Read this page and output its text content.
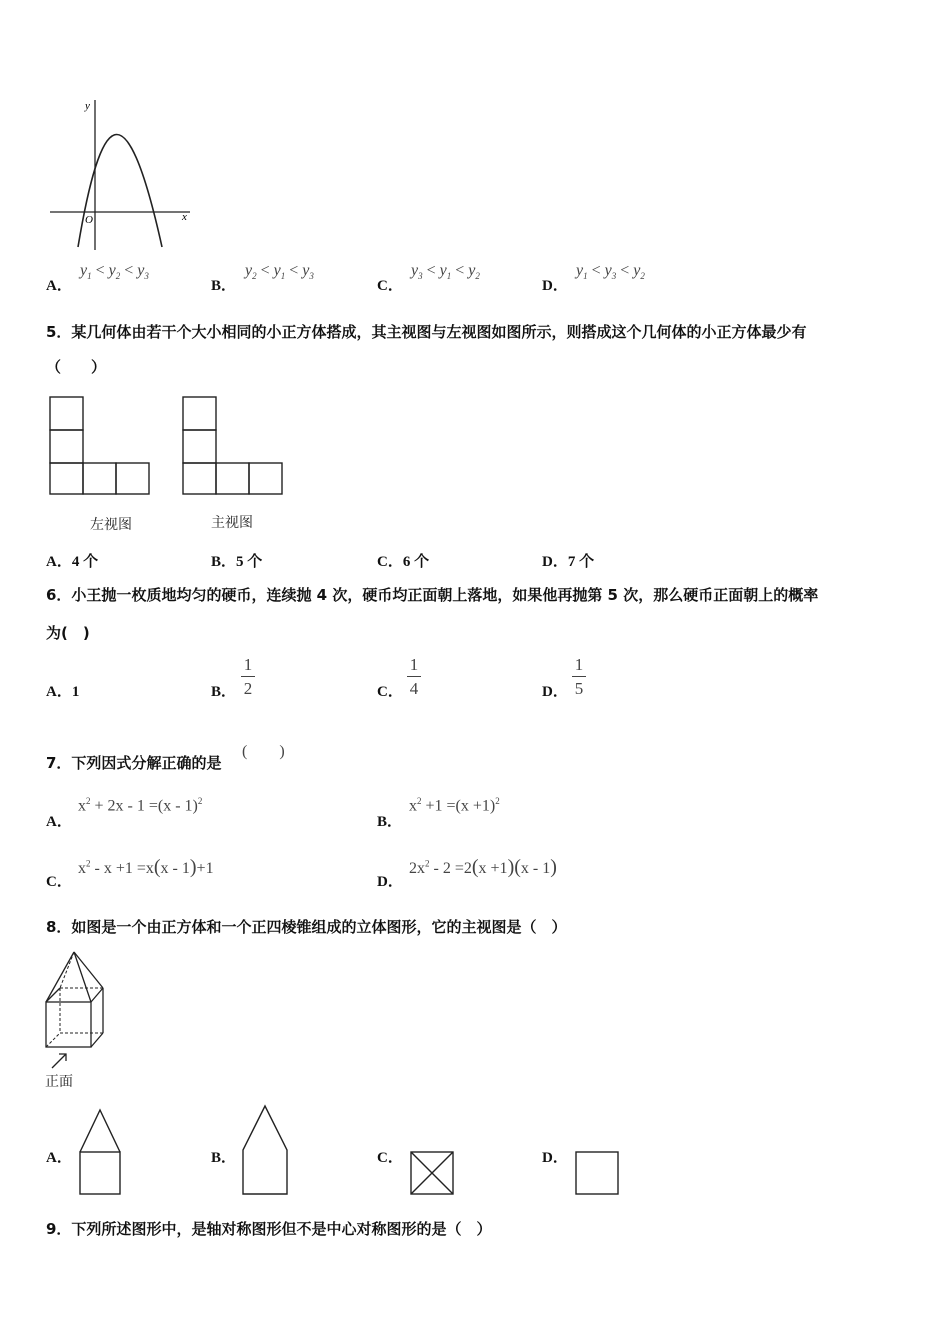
y
x
O
A．
$y_1 < y_2 < y_3$
B．
$y_2 < y_1 < y_3$
C．
$y_3 < y_1 < y_2$
D．
$y_1 < y_3 < y_2$
5．某几何体由若干个大小相同的小正方体搭成，其主视图与左视图如图所示，则搭成这个几何体的小正方体最少有
（　　）
左视图	主视图
A．4 个	B．5 个	C．6 个	D．7 个
6．小王抛一枚质地均匀的硬币，连续抛 4 次，硬币均正面朝上落地，如果他再抛第 5 次，那么硬币正面朝上的概率
为(　)
A．1	B．
1
2	C．
1
4	D．
1
5
7．下列因式分解正确的是
(　　)
A．
$x^2 + 2x - 1 =(x - 1)^2$
B．
$x^2 +1 =(x +1)^2$
C．
$x^2 - x +1 =x(x - 1)+1$
D．
$2x^2 - 2 =2(x +1)(x - 1)$
8．如图是一个由正方体和一个正四棱锥组成的立体图形，它的主视图是（　）
正面
A．	B．	C．	D．
9．下列所述图形中，是轴对称图形但不是中心对称图形的是（　）
